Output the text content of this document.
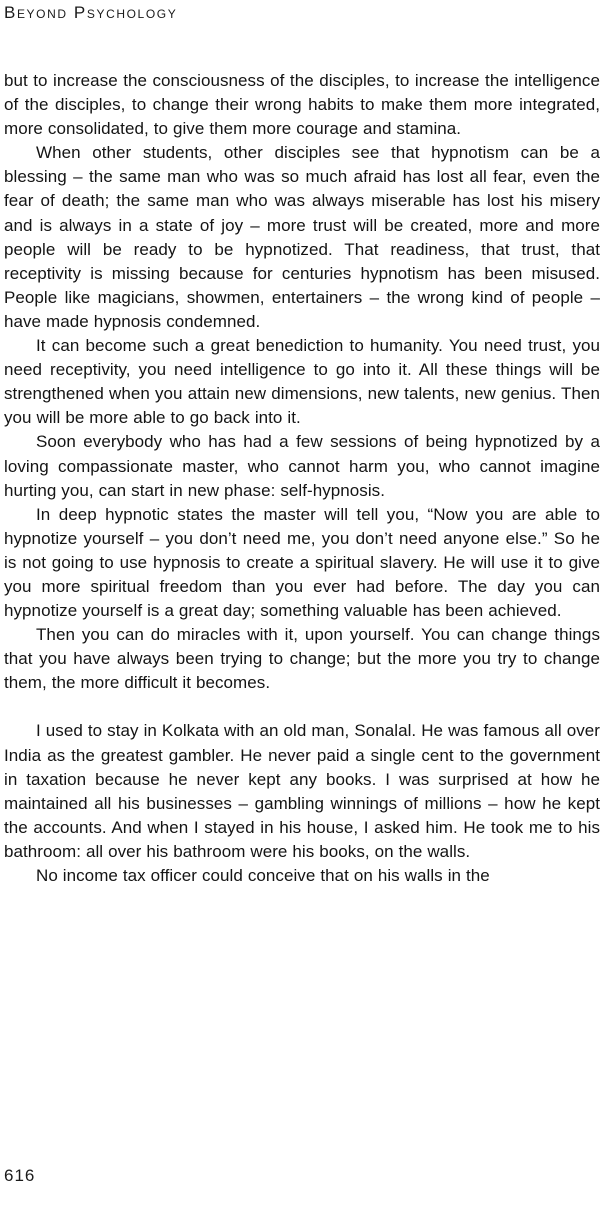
Beyond Psychology

but to increase the consciousness of the disciples, to increase the intelligence of the disciples, to change their wrong habits to make them more integrated, more consolidated, to give them more courage and stamina.

When other students, other disciples see that hypnotism can be a blessing – the same man who was so much afraid has lost all fear, even the fear of death; the same man who was always miserable has lost his misery and is always in a state of joy – more trust will be created, more and more people will be ready to be hypnotized. That readiness, that trust, that receptivity is missing because for centuries hypnotism has been misused. People like magicians, showmen, entertainers – the wrong kind of people – have made hypnosis condemned.

It can become such a great benediction to humanity. You need trust, you need receptivity, you need intelligence to go into it. All these things will be strengthened when you attain new dimensions, new talents, new genius. Then you will be more able to go back into it.

Soon everybody who has had a few sessions of being hypnotized by a loving compassionate master, who cannot harm you, who cannot imagine hurting you, can start in new phase: self-hypnosis.

In deep hypnotic states the master will tell you, “Now you are able to hypnotize yourself – you don’t need me, you don’t need anyone else.” So he is not going to use hypnosis to create a spiritual slavery. He will use it to give you more spiritual freedom than you ever had before. The day you can hypnotize yourself is a great day; something valuable has been achieved.

Then you can do miracles with it, upon yourself. You can change things that you have always been trying to change; but the more you try to change them, the more difficult it becomes.

I used to stay in Kolkata with an old man, Sonalal. He was famous all over India as the greatest gambler. He never paid a single cent to the government in taxation because he never kept any books. I was surprised at how he maintained all his businesses – gambling winnings of millions – how he kept the accounts. And when I stayed in his house, I asked him. He took me to his bathroom: all over his bathroom were his books, on the walls.

No income tax officer could conceive that on his walls in the

616
